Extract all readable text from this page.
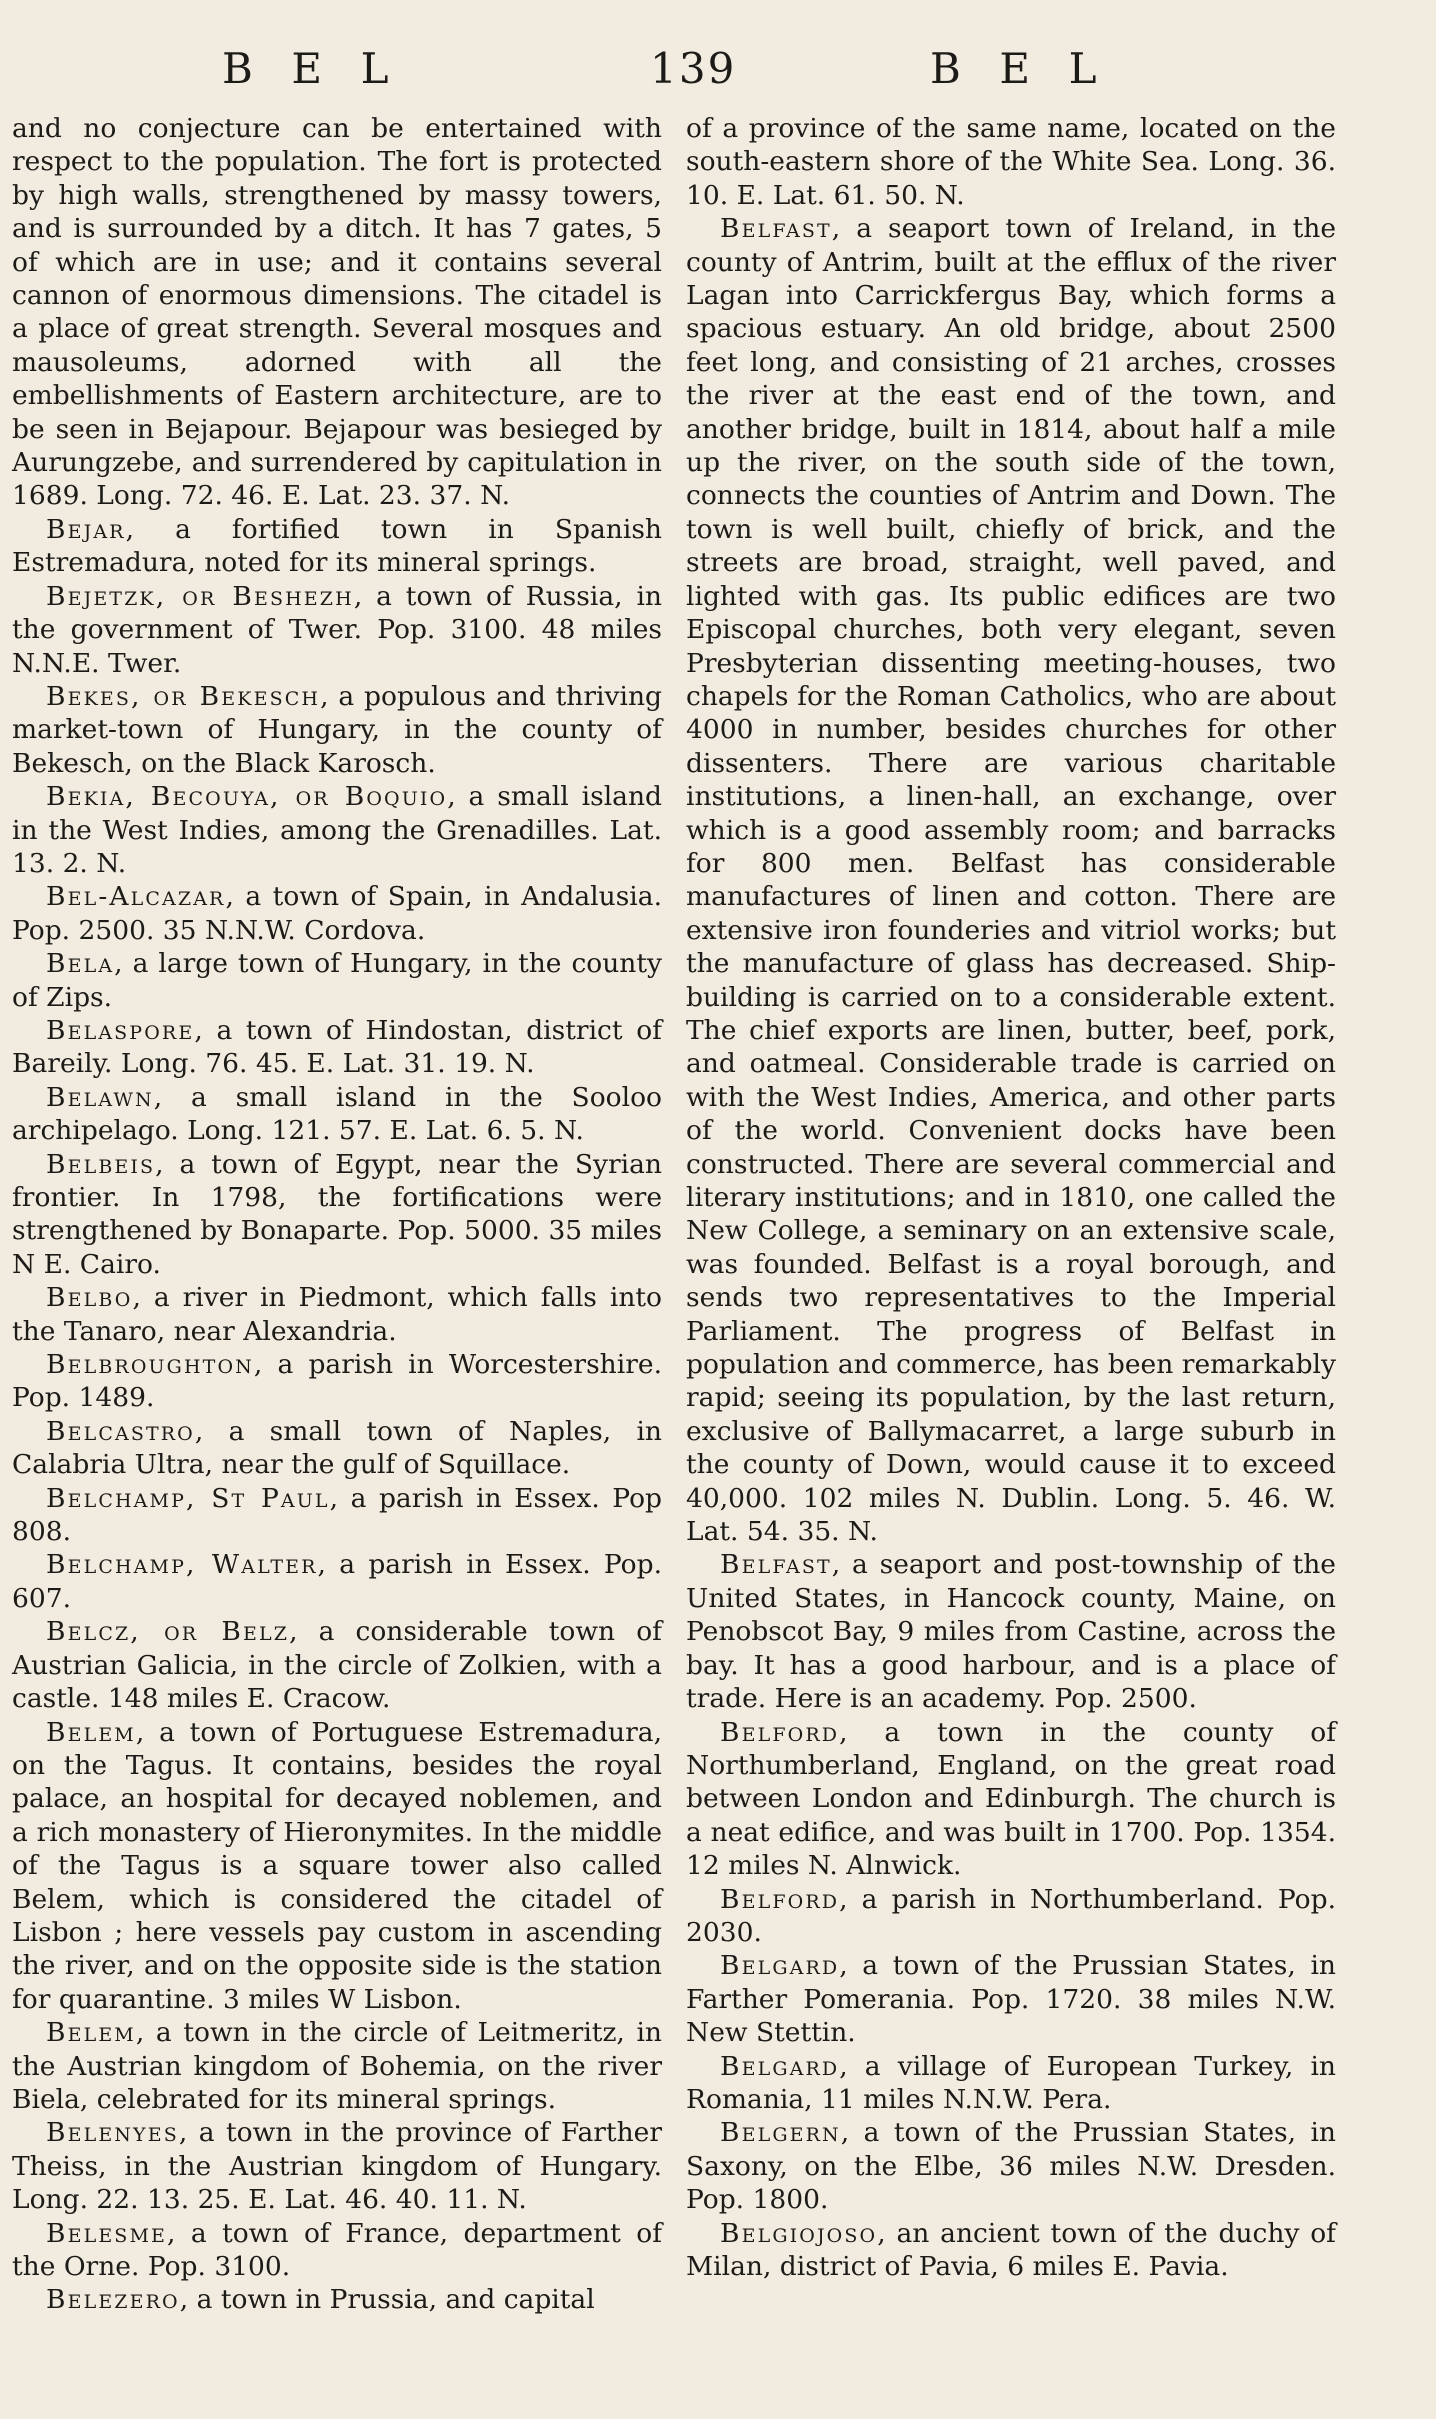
B E L	139	B E L

and no conjecture can be entertained with respect to the population. The fort is protected by high walls, strengthened by massy towers, and is surrounded by a ditch. It has 7 gates, 5 of which are in use; and it contains several cannon of enormous dimensions. The citadel is a place of great strength. Several mosques and mausoleums, adorned with all the embellishments of Eastern architecture, are to be seen in Bejapour. Bejapour was besieged by Aurungzebe, and surrendered by capitulation in 1689. Long. 72. 46. E. Lat. 23. 37. N.

Bejar, a fortified town in Spanish Estremadura, noted for its mineral springs.

Bejetzk, or Beshezh, a town of Russia, in the government of Twer. Pop. 3100. 48 miles N.N.E. Twer.

Bekes, or Bekesch, a populous and thriving market-town of Hungary, in the county of Bekesch, on the Black Karosch.

Bekia, Becouya, or Boquio, a small island in the West Indies, among the Grenadilles. Lat. 13. 2. N.

Bel-Alcazar, a town of Spain, in Andalusia. Pop. 2500. 35 N.N.W. Cordova.

Bela, a large town of Hungary, in the county of Zips.

Belaspore, a town of Hindostan, district of Bareily. Long. 76. 45. E. Lat. 31. 19. N.

Belawn, a small island in the Sooloo archipelago. Long. 121. 57. E. Lat. 6. 5. N.

Belbeis, a town of Egypt, near the Syrian frontier. In 1798, the fortifications were strengthened by Bonaparte. Pop. 5000. 35 miles N E. Cairo.

Belbo, a river in Piedmont, which falls into the Tanaro, near Alexandria.

Belbroughton, a parish in Worcestershire. Pop. 1489.

Belcastro, a small town of Naples, in Calabria Ultra, near the gulf of Squillace.

Belchamp, St Paul, a parish in Essex. Pop 808.

Belchamp, Walter, a parish in Essex. Pop. 607.

Belcz, or Belz, a considerable town of Austrian Galicia, in the circle of Zolkien, with a castle. 148 miles E. Cracow.

Belem, a town of Portuguese Estremadura, on the Tagus. It contains, besides the royal palace, an hospital for decayed noblemen, and a rich monastery of Hieronymites. In the middle of the Tagus is a square tower also called Belem, which is considered the citadel of Lisbon ; here vessels pay custom in ascending the river, and on the opposite side is the station for quarantine. 3 miles W Lisbon.

Belem, a town in the circle of Leitmeritz, in the Austrian kingdom of Bohemia, on the river Biela, celebrated for its mineral springs.

Belenyes, a town in the province of Farther Theiss, in the Austrian kingdom of Hungary. Long. 22. 13. 25. E. Lat. 46. 40. 11. N.

Belesme, a town of France, department of the Orne. Pop. 3100.

Belezero, a town in Prussia, and capital

of a province of the same name, located on the south-eastern shore of the White Sea. Long. 36. 10. E. Lat. 61. 50. N.

Belfast, a seaport town of Ireland, in the county of Antrim, built at the efflux of the river Lagan into Carrickfergus Bay, which forms a spacious estuary. An old bridge, about 2500 feet long, and consisting of 21 arches, crosses the river at the east end of the town, and another bridge, built in 1814, about half a mile up the river, on the south side of the town, connects the counties of Antrim and Down. The town is well built, chiefly of brick, and the streets are broad, straight, well paved, and lighted with gas. Its public edifices are two Episcopal churches, both very elegant, seven Presbyterian dissenting meeting-houses, two chapels for the Roman Catholics, who are about 4000 in number, besides churches for other dissenters. There are various charitable institutions, a linen-hall, an exchange, over which is a good assembly room; and barracks for 800 men. Belfast has considerable manufactures of linen and cotton. There are extensive iron founderies and vitriol works; but the manufacture of glass has decreased. Ship-building is carried on to a considerable extent. The chief exports are linen, butter, beef, pork, and oatmeal. Considerable trade is carried on with the West Indies, America, and other parts of the world. Convenient docks have been constructed. There are several commercial and literary institutions; and in 1810, one called the New College, a seminary on an extensive scale, was founded. Belfast is a royal borough, and sends two representatives to the Imperial Parliament. The progress of Belfast in population and commerce, has been remarkably rapid; seeing its population, by the last return, exclusive of Ballymacarret, a large suburb in the county of Down, would cause it to exceed 40,000. 102 miles N. Dublin. Long. 5. 46. W. Lat. 54. 35. N.

Belfast, a seaport and post-township of the United States, in Hancock county, Maine, on Penobscot Bay, 9 miles from Castine, across the bay. It has a good harbour, and is a place of trade. Here is an academy. Pop. 2500.

Belford, a town in the county of Northumberland, England, on the great road between London and Edinburgh. The church is a neat edifice, and was built in 1700. Pop. 1354. 12 miles N. Alnwick.

Belford, a parish in Northumberland. Pop. 2030.

Belgard, a town of the Prussian States, in Farther Pomerania. Pop. 1720. 38 miles N.W. New Stettin.

Belgard, a village of European Turkey, in Romania, 11 miles N.N.W. Pera.

Belgern, a town of the Prussian States, in Saxony, on the Elbe, 36 miles N.W. Dresden. Pop. 1800.

Belgiojoso, an ancient town of the duchy of Milan, district of Pavia, 6 miles E. Pavia.
